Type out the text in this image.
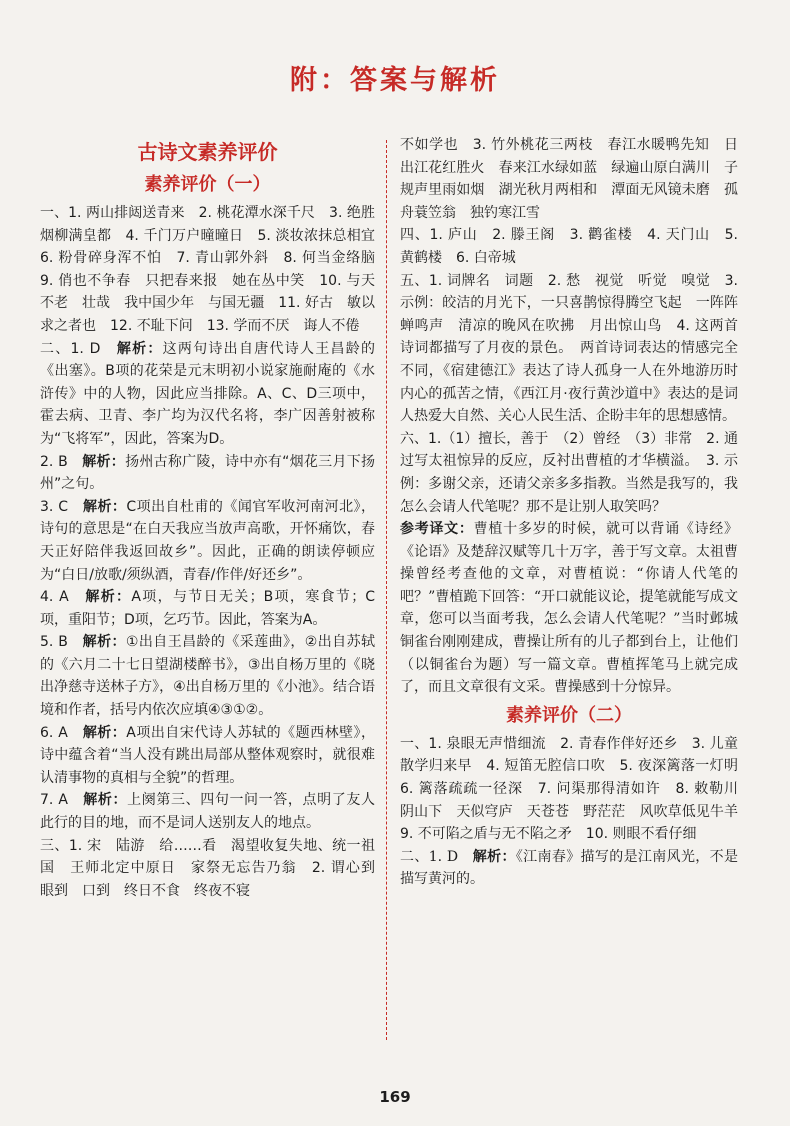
附：答案与解析
古诗文素养评价
素养评价（一）

一、1. 两山排闼送青来　2. 桃花潭水深千尺　3. 绝胜烟柳满皇都　4. 千门万户曈曈日　5. 淡妆浓抹总相宜　6. 粉骨碎身浑不怕　7. 青山郭外斜　8. 何当金络脑　9. 俏也不争春　只把春来报　她在丛中笑　10. 与天不老　壮哉　我中国少年　与国无疆　11. 好古　敏以求之者也　12. 不耻下问　13. 学而不厌　诲人不倦

二、1. D　解析：这两句诗出自唐代诗人王昌龄的《出塞》。B项的花荣是元末明初小说家施耐庵的《水浒传》中的人物，因此应当排除。A、C、D三项中，霍去病、卫青、李广均为汉代名将，李广因善射被称为“飞将军”，因此，答案为D。

2. B　解析：扬州古称广陵，诗中亦有“烟花三月下扬州”之句。

3. C　解析：C项出自杜甫的《闻官军收河南河北》，诗句的意思是“在白天我应当放声高歌，开怀痛饮，春天正好陪伴我返回故乡”。因此，正确的朗读停顿应为“白日/放歌/须纵酒，青春/作伴/好还乡”。

4. A　解析：A项，与节日无关；B项，寒食节；C项，重阳节；D项，乞巧节。因此，答案为A。

5. B　解析：①出自王昌龄的《采莲曲》，②出自苏轼的《六月二十七日望湖楼醉书》，③出自杨万里的《晓出净慈寺送林子方》，④出自杨万里的《小池》。结合语境和作者，括号内依次应填④③①②。

6. A　解析：A项出自宋代诗人苏轼的《题西林壁》，诗中蕴含着“当人没有跳出局部从整体观察时，就很难认清事物的真相与全貌”的哲理。

7. A　解析：上阕第三、四句一问一答，点明了友人此行的目的地，而不是词人送别友人的地点。

三、1. 宋　陆游　给……看　渴望收复失地、统一祖国　王师北定中原日　家祭无忘告乃翁　2. 谓心到　眼到　口到　终日不食　终夜不寝

不如学也　3. 竹外桃花三两枝　春江水暖鸭先知　日出江花红胜火　春来江水绿如蓝　绿遍山原白满川　子规声里雨如烟　湖光秋月两相和　潭面无风镜未磨　孤舟蓑笠翁　独钓寒江雪

四、1. 庐山　2. 滕王阁　3. 鹳雀楼　4. 天门山　5. 黄鹤楼　6. 白帝城

五、1. 词牌名　词题　2. 愁　视觉　听觉　嗅觉　3. 示例：皎洁的月光下，一只喜鹊惊得腾空飞起　一阵阵蝉鸣声　清凉的晚风在吹拂　月出惊山鸟　4. 这两首诗词都描写了月夜的景色。　两首诗词表达的情感完全不同，《宿建德江》表达了诗人孤身一人在外地游历时内心的孤苦之情，《西江月·夜行黄沙道中》表达的是词人热爱大自然、关心人民生活、企盼丰年的思想感情。

六、1.（1）擅长，善于　（2）曾经　（3）非常　2. 通过写太祖惊异的反应，反衬出曹植的才华横溢。　3. 示例：多谢父亲，还请父亲多多指教。当然是我写的，我怎么会请人代笔呢？那不是让别人取笑吗？

参考译文：曹植十多岁的时候，就可以背诵《诗经》《论语》及楚辞汉赋等几十万字，善于写文章。太祖曹操曾经考查他的文章，对曹植说：“你请人代笔的吧？”曹植跪下回答：“开口就能议论，提笔就能写成文章，您可以当面考我，怎么会请人代笔呢？”当时邺城铜雀台刚刚建成，曹操让所有的儿子都到台上，让他们（以铜雀台为题）写一篇文章。曹植挥笔马上就完成了，而且文章很有文采。曹操感到十分惊异。

素养评价（二）

一、1. 泉眼无声惜细流　2. 青春作伴好还乡　3. 儿童散学归来早　4. 短笛无腔信口吹　5. 夜深篱落一灯明　6. 篱落疏疏一径深　7. 问渠那得清如许　8. 敕勒川　阴山下　天似穹庐　天苍苍　野茫茫　风吹草低见牛羊　9. 不可陷之盾与无不陷之矛　10. 则眼不看仔细

二、1. D　解析：《江南春》描写的是江南风光，不是描写黄河的。

169
